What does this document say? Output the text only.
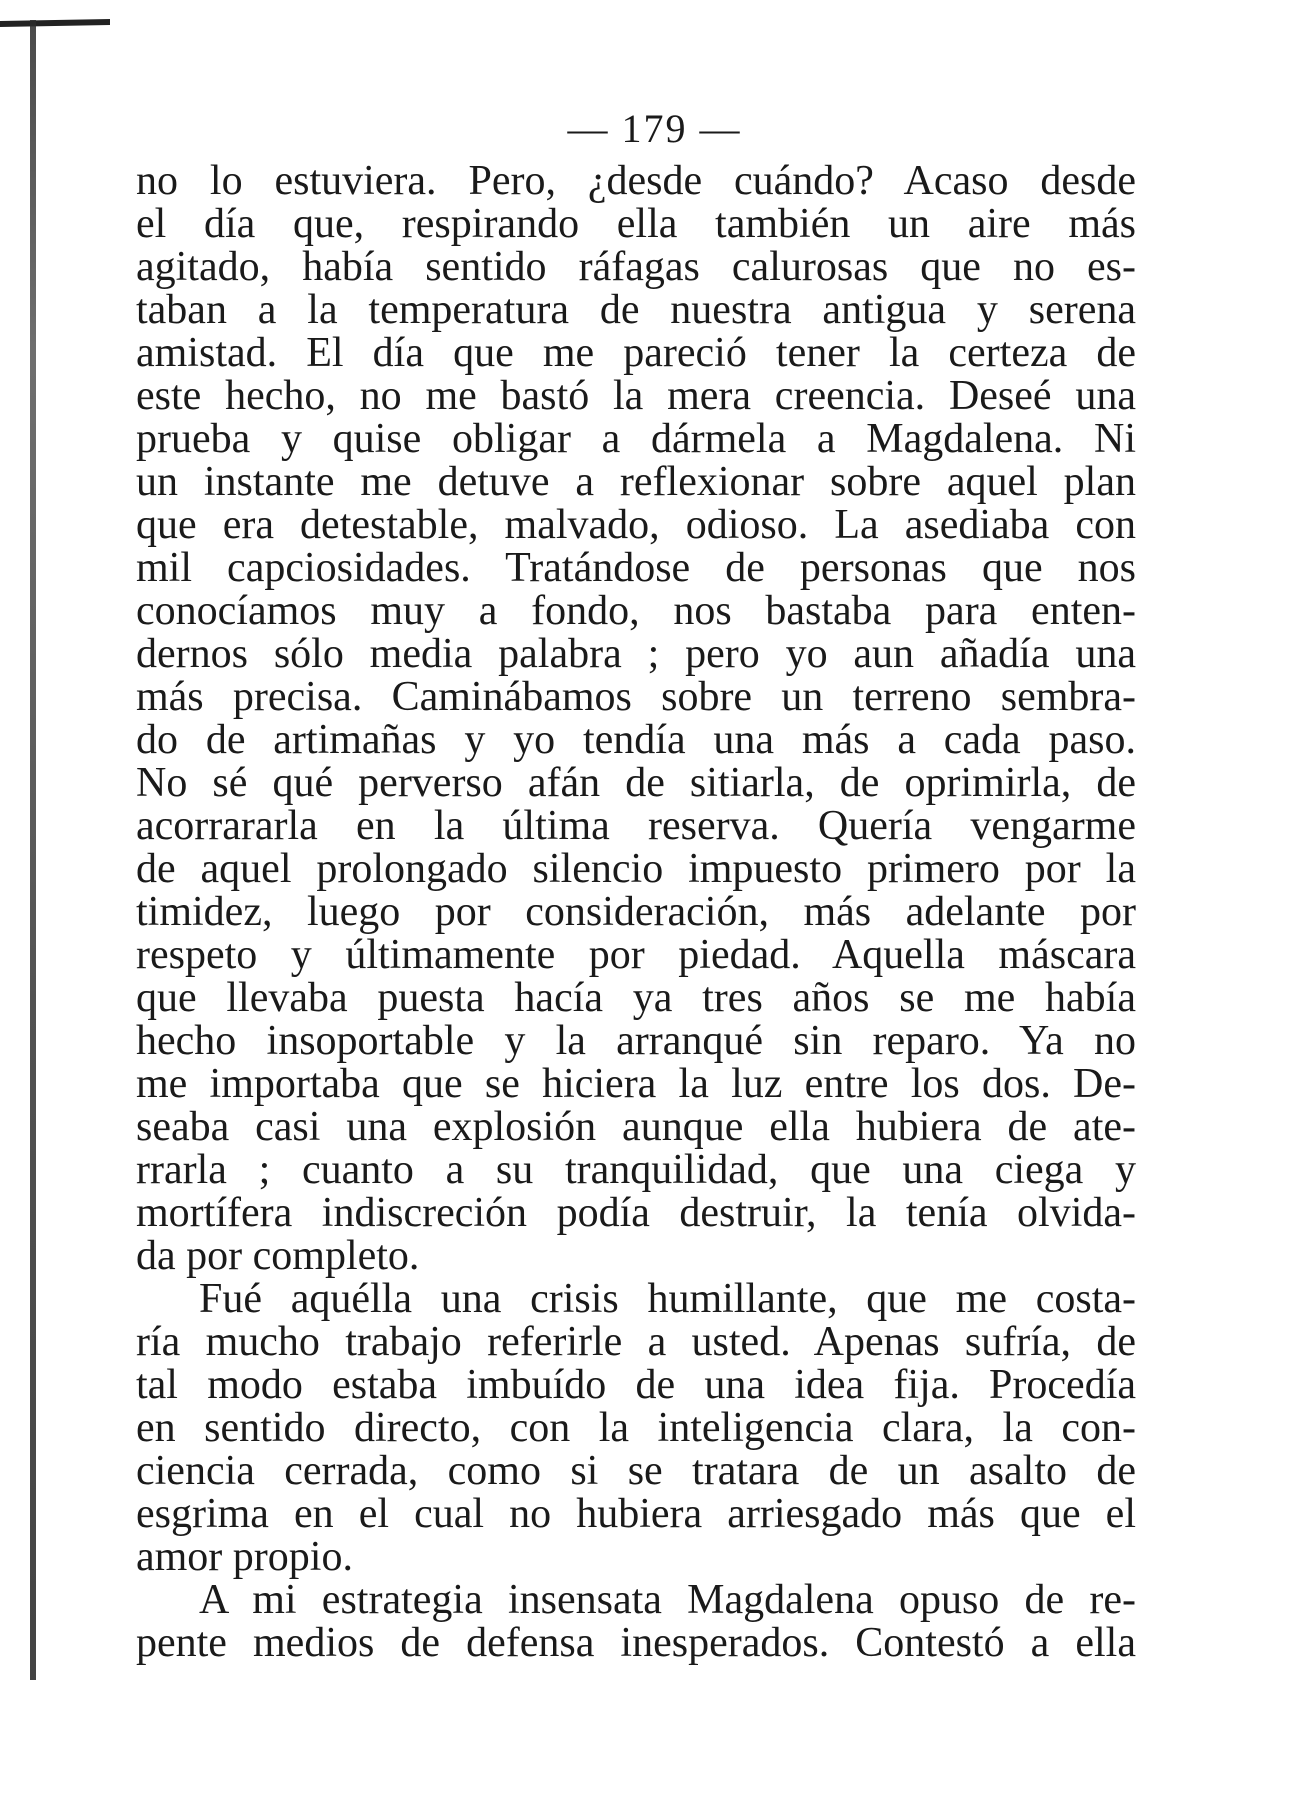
— 179 —
no lo estuviera. Pero, ¿desde cuándo? Acaso desde
el día que, respirando ella también un aire más
agitado, había sentido ráfagas calurosas que no es-
taban a la temperatura de nuestra antigua y serena
amistad. El día que me pareció tener la certeza de
este hecho, no me bastó la mera creencia. Deseé una
prueba y quise obligar a dármela a Magdalena. Ni
un instante me detuve a reflexionar sobre aquel plan
que era detestable, malvado, odioso. La asediaba con
mil capciosidades. Tratándose de personas que nos
conocíamos muy a fondo, nos bastaba para enten-
dernos sólo media palabra ; pero yo aun añadía una
más precisa. Caminábamos sobre un terreno sembra-
do de artimañas y yo tendía una más a cada paso.
No sé qué perverso afán de sitiarla, de oprimirla, de
acorrararla en la última reserva. Quería vengarme
de aquel prolongado silencio impuesto primero por la
timidez, luego por consideración, más adelante por
respeto y últimamente por piedad. Aquella máscara
que llevaba puesta hacía ya tres años se me había
hecho insoportable y la arranqué sin reparo. Ya no
me importaba que se hiciera la luz entre los dos. De-
seaba casi una explosión aunque ella hubiera de ate-
rrarla ; cuanto a su tranquilidad, que una ciega y
mortífera indiscreción podía destruir, la tenía olvida-
da por completo.
Fué aquélla una crisis humillante, que me costa-
ría mucho trabajo referirle a usted. Apenas sufría, de
tal modo estaba imbuído de una idea fija. Procedía
en sentido directo, con la inteligencia clara, la con-
ciencia cerrada, como si se tratara de un asalto de
esgrima en el cual no hubiera arriesgado más que el
amor propio.
A mi estrategia insensata Magdalena opuso de re-
pente medios de defensa inesperados. Contestó a ella
